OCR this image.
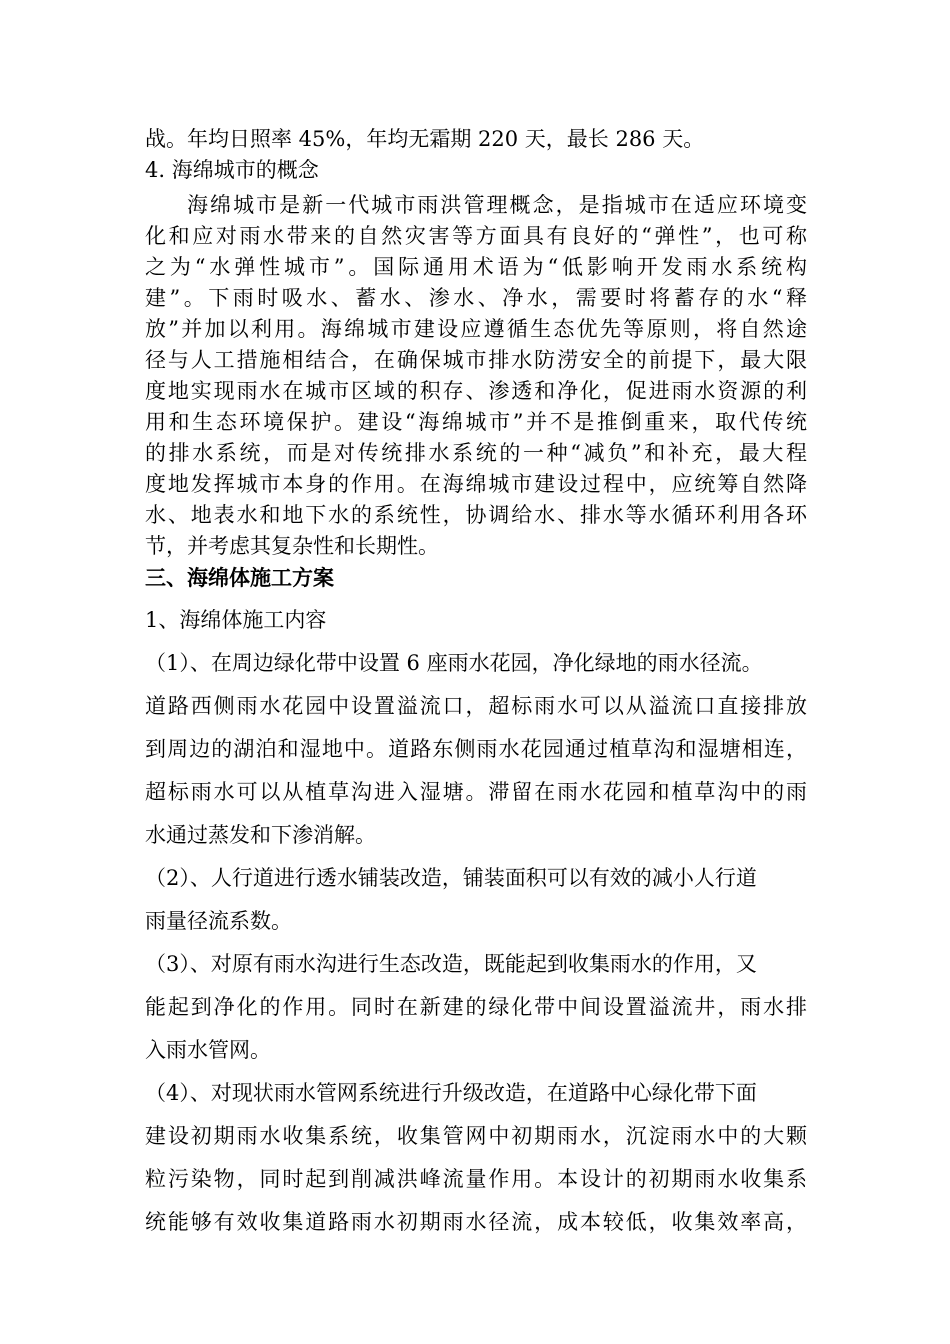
战。年均日照率 45%，年均无霜期 220 天，最长 286 天。

4. 海绵城市的概念

海绵城市是新一代城市雨洪管理概念，是指城市在适应环境变

化和应对雨水带来的自然灾害等方面具有良好的“弹性”，也可称

之为“水弹性城市”。国际通用术语为“低影响开发雨水系统构

建”。下雨时吸水、蓄水、渗水、净水，需要时将蓄存的水“释

放”并加以利用。海绵城市建设应遵循生态优先等原则，将自然途

径与人工措施相结合，在确保城市排水防涝安全的前提下，最大限

度地实现雨水在城市区域的积存、渗透和净化，促进雨水资源的利

用和生态环境保护。建设“海绵城市”并不是推倒重来，取代传统

的排水系统，而是对传统排水系统的一种“减负”和补充，最大程

度地发挥城市本身的作用。在海绵城市建设过程中，应统筹自然降

水、地表水和地下水的系统性，协调给水、排水等水循环利用各环

节，并考虑其复杂性和长期性。

三、海绵体施工方案

1、海绵体施工内容

（1）、在周边绿化带中设置 6 座雨水花园，净化绿地的雨水径流。

道路西侧雨水花园中设置溢流口，超标雨水可以从溢流口直接排放

到周边的湖泊和湿地中。道路东侧雨水花园通过植草沟和湿塘相连，

超标雨水可以从植草沟进入湿塘。滞留在雨水花园和植草沟中的雨

水通过蒸发和下渗消解。

（2）、人行道进行透水铺装改造，铺装面积可以有效的减小人行道

雨量径流系数。

（3）、对原有雨水沟进行生态改造，既能起到收集雨水的作用，又

能起到净化的作用。同时在新建的绿化带中间设置溢流井，雨水排

入雨水管网。

（4）、对现状雨水管网系统进行升级改造，在道路中心绿化带下面

建设初期雨水收集系统，收集管网中初期雨水，沉淀雨水中的大颗

粒污染物，同时起到削减洪峰流量作用。本设计的初期雨水收集系

统能够有效收集道路雨水初期雨水径流，成本较低，收集效率高，
